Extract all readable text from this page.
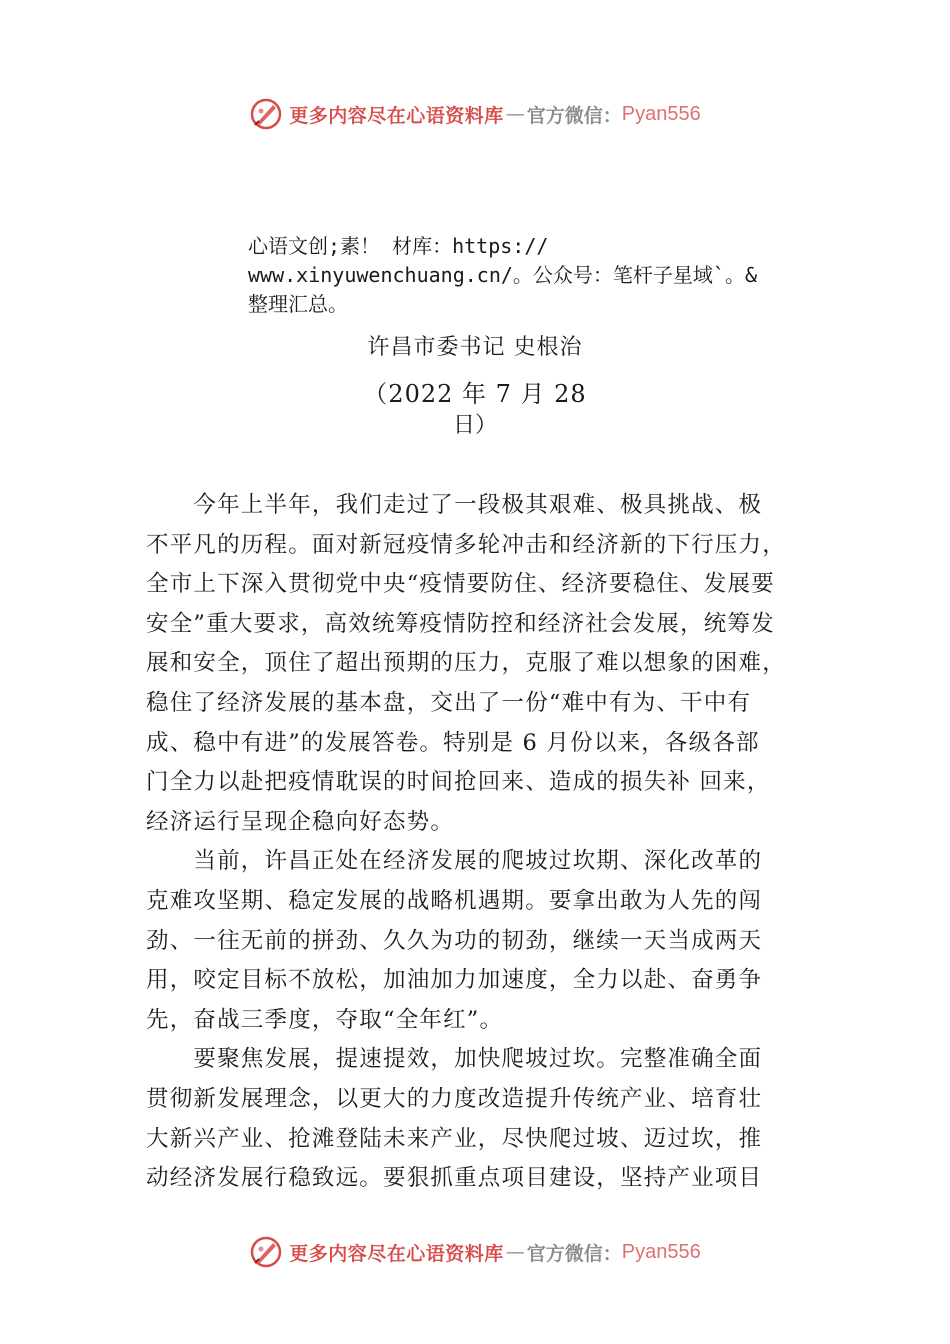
更多内容尽在心语资料库 — 官方微信： Pyan556
心语文创;素！ 材库：https://
www.xinyuwenchuang.cn/。公众号：笔杆子星域`。&
整理汇总。
许昌市委书记 史根治
（2022 年 7 月 28
日）
　　今年上半年，我们走过了一段极其艰难、极具挑战、极
不平凡的历程。面对新冠疫情多轮冲击和经济新的下行压力，
全市上下深入贯彻党中央“疫情要防住、经济要稳住、发展要
安全”重大要求，高效统筹疫情防控和经济社会发展，统筹发
展和安全，顶住了超出预期的压力，克服了难以想象的困难，
稳住了经济发展的基本盘，交出了一份“难中有为、干中有
成、稳中有进”的发展答卷。特别是 6 月份以来，各级各部
门全力以赴把疫情耽误的时间抢回来、造成的损失补 回来，
经济运行呈现企稳向好态势。
　　当前，许昌正处在经济发展的爬坡过坎期、深化改革的
克难攻坚期、稳定发展的战略机遇期。要拿出敢为人先的闯
劲、一往无前的拼劲、久久为功的韧劲，继续一天当成两天
用，咬定目标不放松，加油加力加速度，全力以赴、奋勇争
先，奋战三季度，夺取“全年红”。
　　要聚焦发展，提速提效，加快爬坡过坎。完整准确全面
贯彻新发展理念，以更大的力度改造提升传统产业、培育壮
大新兴产业、抢滩登陆未来产业，尽快爬过坡、迈过坎，推
动经济发展行稳致远。要狠抓重点项目建设，坚持产业项目
更多内容尽在心语资料库 — 官方微信： Pyan556
